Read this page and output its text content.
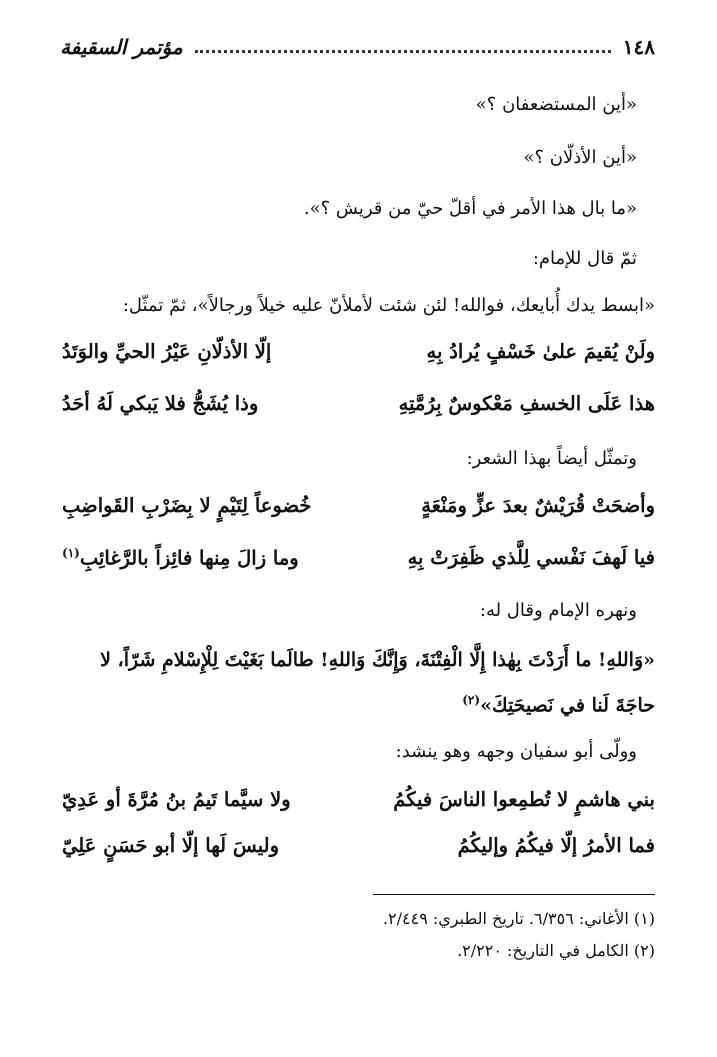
١٤٨
مؤتمر السقيفة
«أين المستضعفان ؟»
«أين الأذلّان ؟»
«ما بال هذا الأمر في أقلّ حيّ من قريش ؟».
ثمّ قال للإمام:
«ابسط يدك أُبايعك، فوالله! لئن شئت لأملأنّ عليه خيلاً ورجالاً»، ثمّ تمثّل:
ولَنْ يُقيمَ علىٰ خَسْفٍ يُرادُ بِهِ
إلّا الأذلّانِ عَيْرُ الحيِّ والوَتَدُ
هذا عَلَى الخسفِ مَعْكوسٌ بِرُمَّتِهِ
وذا يُشَجُّ فلا يَبكي لَهُ أحَدُ
وتمثّل أيضاً بهذا الشعر:
وأضحَتْ قُرَيْشٌ بعدَ عزٍّ ومَنْعَةٍ
خُضوعاً لِتَيْمٍ لا بِضَرْبِ القَواضِبِ
فيا لَهفَ نَفْسي لِلَّذي ظَفِرَتْ بِهِ
وما زالَ مِنها فائِزاً بالرَّغائِبِ$^{(١)}$
ونهره الإمام وقال له:
«وَاللهِ! ما أَرَدْتَ بِهٰذا إِلَّا الْفِتْنَةَ، وَإِنَّكَ وَاللهِ! طالَما بَغَيْتَ لِلْإِسْلامِ شَرّاً، لا حاجَةَ لَنا في نَصيحَتِكَ»$^{(٢)}$
وولّى أبو سفيان وجهه وهو ينشد:
بني هاشمٍ لا تُطمِعوا الناسَ فيكُمُ
ولا سيَّما تَيمُ بنُ مُرَّةَ أو عَدِيّ
فما الأمرُ إلّا فيكُمُ وإليكُمُ
وليسَ لَها إلّا أبو حَسَنٍ عَلِيّ
(١) الأغاني: ٦/٣٥٦. تاريخ الطبري: ٢/٤٤٩.
(٢) الكامل في التاريخ: ٢/٢٢٠.
